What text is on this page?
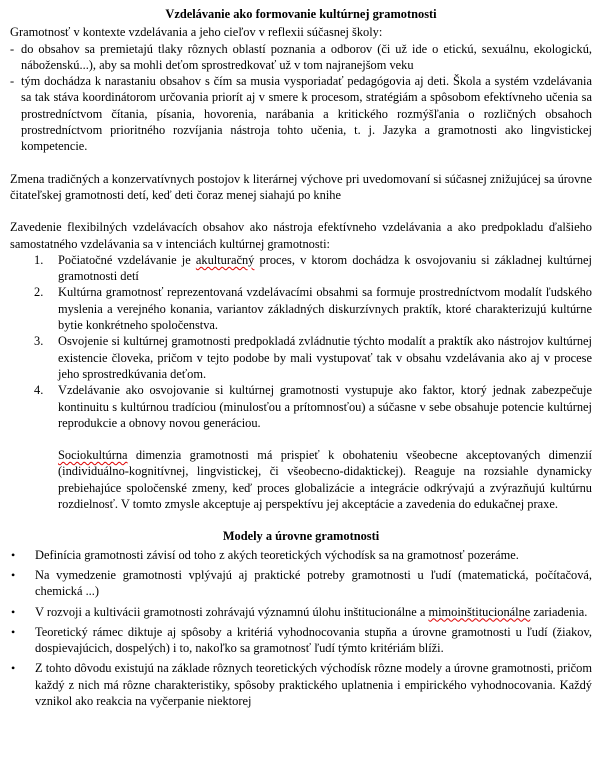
Vzdelávanie ako formovanie kultúrnej gramotnosti

Gramotnosť v kontexte vzdelávania a jeho cieľov v reflexii súčasnej školy:

- do obsahov sa premietajú tlaky rôznych oblastí poznania a odborov (či už ide o etickú, sexuálnu, ekologickú, náboženskú...), aby sa mohli deťom sprostredkovať už v tom najranejšom veku
- tým dochádza k narastaniu obsahov s čím sa musia vysporiadať pedagógovia aj deti. Škola a systém vzdelávania sa tak stáva koordinátorom určovania priorít aj v smere k procesom, stratégiám a spôsobom efektívneho učenia sa prostredníctvom čítania, písania, hovorenia, narábania a kritického rozmýšľania o rozličných obsahoch prostredníctvom prioritného rozvíjania nástroja tohto učenia, t. j. Jazyka a gramotnosti ako lingvistickej kompetencie.

Zmena tradičných a konzervatívnych postojov k literárnej výchove pri uvedomovaní si súčasnej znižujúcej sa úrovne čitateľskej gramotnosti detí, keď deti čoraz menej siahajú po knihe

Zavedenie flexibilných vzdelávacích obsahov ako nástroja efektívneho vzdelávania a ako predpokladu ďalšieho samostatného vzdelávania sa v intenciách kultúrnej gramotnosti:

1. Počiatočné vzdelávanie je akulturačný proces, v ktorom dochádza k osvojovaniu si základnej kultúrnej gramotnosti detí
2. Kultúrna gramotnosť reprezentovaná vzdelávacími obsahmi sa formuje prostredníctvom modalít ľudského myslenia a verejného konania, variantov základných diskurzívnych praktík, ktoré charakterizujú kultúrne bytie konkrétneho spoločenstva.
3. Osvojenie si kultúrnej gramotnosti predpokladá zvládnutie týchto modalít a praktík ako nástrojov kultúrnej existencie človeka, pričom v tejto podobe by mali vystupovať tak v obsahu vzdelávania ako aj v procese jeho sprostredkúvania deťom.
4. Vzdelávanie ako osvojovanie si kultúrnej gramotnosti vystupuje ako faktor, ktorý jednak zabezpečuje kontinuitu s kultúrnou tradíciou (minulosťou a prítomnosťou) a súčasne v sebe obsahuje potencie kultúrnej reprodukcie a obnovy novou generáciou.

Sociokultúrna dimenzia gramotnosti má prispieť k obohateniu všeobecne akceptovaných dimenzií (individuálno-kognitívnej, lingvistickej, či všeobecno-didaktickej). Reaguje na rozsiahle dynamicky prebiehajúce spoločenské zmeny, keď proces globalizácie a integrácie odkrývajú a zvýrazňujú kultúrnu rozdielnosť. V tomto zmysle akceptuje aj perspektívu jej akceptácie a zavedenia do edukačnej praxe.

Modely a úrovne gramotnosti
• Definícia gramotnosti závisí od toho z akých teoretických východísk sa na gramotnosť pozeráme.
• Na vymedzenie gramotnosti vplývajú aj praktické potreby gramotnosti u ľudí (matematická, počítačová, chemická ...)
• V rozvoji a kultivácii gramotnosti zohrávajú významnú úlohu inštitucionálne a mimoinštitucionálne zariadenia.
• Teoretický rámec diktuje aj spôsoby a kritériá vyhodnocovania stupňa a úrovne gramotnosti u ľudí (žiakov, dospievajúcich, dospelých) i to, nakoľko sa gramotnosť ľudí týmto kritériám blíži.
• Z tohto dôvodu existujú na základe rôznych teoretických východísk rôzne modely a úrovne gramotnosti, pričom každý z nich má rôzne charakteristiky, spôsoby praktického uplatnenia i empirického vyhodnocovania. Každý vznikol ako reakcia na vyčerpanie niektorej
